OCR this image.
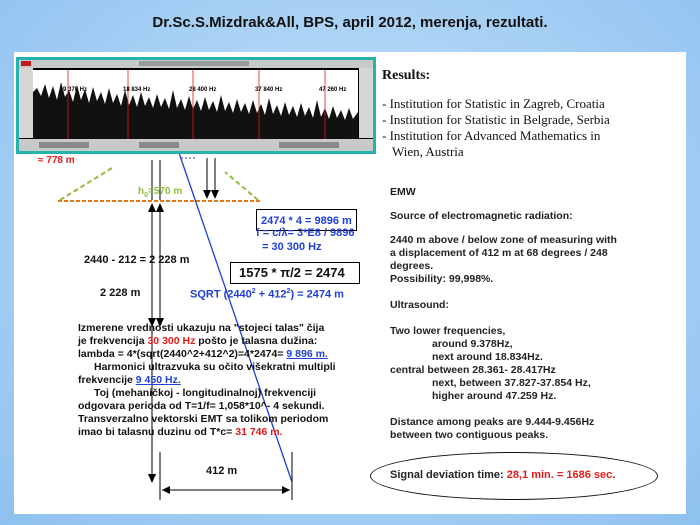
Dr.Sc.S.Mizdrak&All, BPS, april 2012, merenja, rezultati.
9 378 Hz	18 834 Hz	28 400 Hz	37 840 Hz	47 260 Hz
Results:
- Institution for Statistic in Zagreb, Croatia
- Institution for Statistic in Belgrade, Serbia
- Institution for Advanced Mathematics in
Wien, Austria
≈ 778 m
$h_0=570$ m
2474 * 4 = 9896 m
f = c/λ= 3*E8 / 9896
= 30 300 Hz
2440 - 212 = 2 228 m
1575 * π/2 = 2474
2 228 m	SQRT $(2440^2 + 412^2) = 2474$ m
Izmerene vrednosti ukazuju na "stojeci talas" čija
je frekvencija 30 300 Hz pošto je talasna dužina:
lambda = 4*(sqrt(2440^2+412^2)=4*2474= 9 896 m.
Harmonici ultrazvuka su očito višekratni multipli
frekvencije 9 450 Hz.
Toj (mehaničkoj - longitudinalnoj) frekvenciji
odgovara perioda od T=1/f= 1,058*10^- 4 sekundi.
Transverzalno vektorski EMT sa tolikom periodom
imao bi talasnu duzinu od T*c= 31 746 m.
412 m
EMW
Source of electromagnetic radiation:
2440 m above / below zone of measuring with
a displacement of 412 m at 68 degrees / 248
degrees.
Possibility: 99,998%.
Ultrasound:
Two lower frequencies,
around 9.378Hz,
next around 18.834Hz.
central between 28.361- 28.417Hz
next, between 37.827-37.854 Hz,
higher around 47.259 Hz.
Distance among peaks are 9.444-9.456Hz
between two contiguous peaks.
Signal deviation time: 28,1 min. = 1686 sec.
